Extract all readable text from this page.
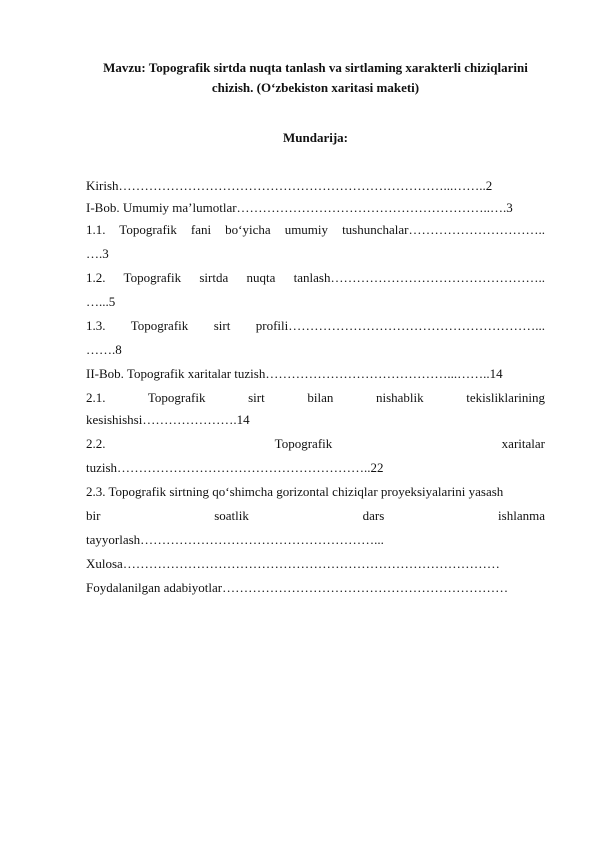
Mavzu: Topografik sirtda nuqta tanlash va sirtlaming xarakterli chiziqlarini
chizish. (O‘zbekiston xaritasi maketi)
Mundarija:
Kirish…………………………………………………………………...……..2
I-Bob. Umumiy ma’lumotlar…………………………………………………..….3
1.1. Topografik fani bo‘yicha umumiy tushunchalar…………………………..
….3
1.2. Topografik sirtda nuqta tanlash…………………………………………..
…...5
1.3. Topografik sirt profili…………………………………………………...
…….8
II-Bob. Topografik xaritalar tuzish……………………………………...……..14
2.1. Topografik sirt bilan nishablik tekisliklarining
kesishishsi………………….14
2.2. Topografik xaritalar
tuzish…………………………………………………..22
2.3. Topografik sirtning qo‘shimcha gorizontal chiziqlar proyeksiyalarini yasash
bir soatlik dars ishlanma
tayyorlash………………………………………………...
Xulosa……………………………………………………………………………
Foydalanilgan adabiyotlar…………………………………………………………
